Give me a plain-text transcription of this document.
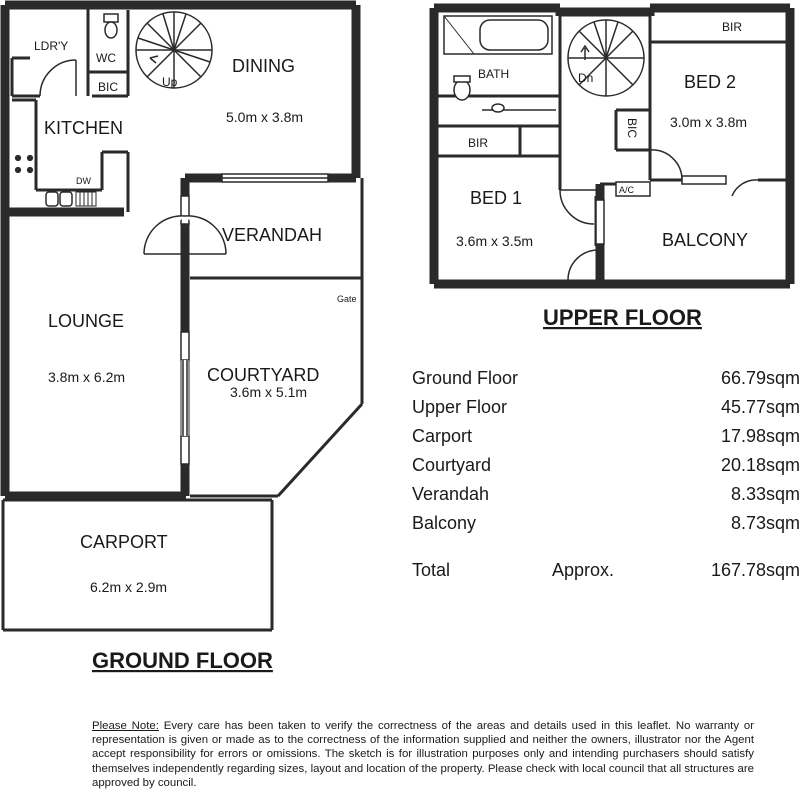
LDR'Y
WC
BIC	Up
DINING
5.0m x 3.8m
KITCHEN
DW
VERANDAH
Gate
LOUNGE
3.8m x 6.2m	COURTYARD
3.6m x 5.1m
CARPORT
6.2m x 2.9m
GROUND FLOOR
BIR
BATH	Dn	BED 2
3.0m x 3.8m
BIC
BIR
BED 1
3.6m x 3.5m
A/C
BALCONY
UPPER FLOOR
Ground Floor	66.79sqm
Upper Floor	45.77sqm
Carport	17.98sqm
Courtyard	20.18sqm
Verandah	8.33sqm
Balcony	8.73sqm
Total	Approx.	167.78sqm
Please Note: Every care has been taken to verify the correctness of the areas and details used in this leaflet. No warranty or representation is given or made as to the correctness of the information supplied and neither the owners, illustrator nor the Agent accept responsibility for errors or omissions. The sketch is for illustration purposes only and intending purchasers should satisfy themselves independently regarding sizes, layout and location of the property. Please check with local council that all structures are approved by council.
